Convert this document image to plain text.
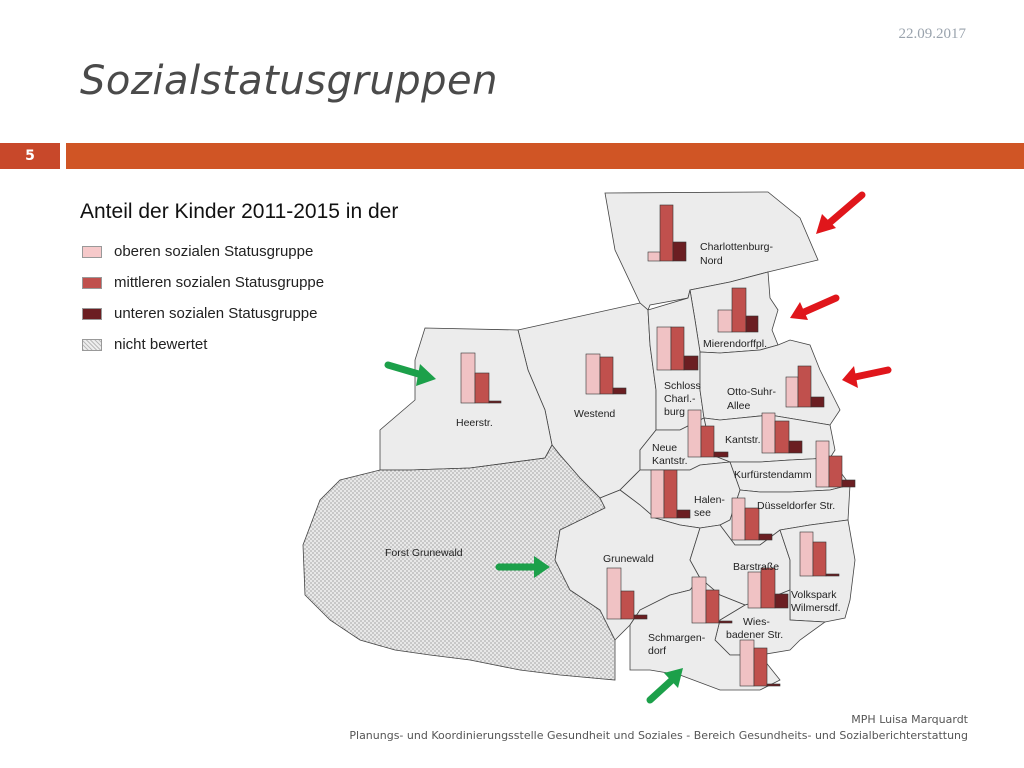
22.09.2017
Sozialstatusgruppen
5
Anteil der Kinder 2011-2015 in der
oberen sozialen Statusgruppe
mittleren sozialen Statusgruppe
unteren sozialen Statusgruppe
nicht bewertet
Charlottenburg-Nord
Mierendorffpl.
Heerstr.
Westend
Schloss Charl.-burg
Otto-Suhr-Allee
Kantstr.
Neue Kantstr.
Kurfürstendamm
Halen-see
Düsseldorfer Str.
Forst Grunewald	Grunewald
Barstraße
Volkspark Wilmersdf.
Wies-badener Str.
Schmargen-dorf
MPH Luisa Marquardt
Planungs- und Koordinierungsstelle Gesundheit und Soziales - Bereich Gesundheits- und Sozialberichterstattung
